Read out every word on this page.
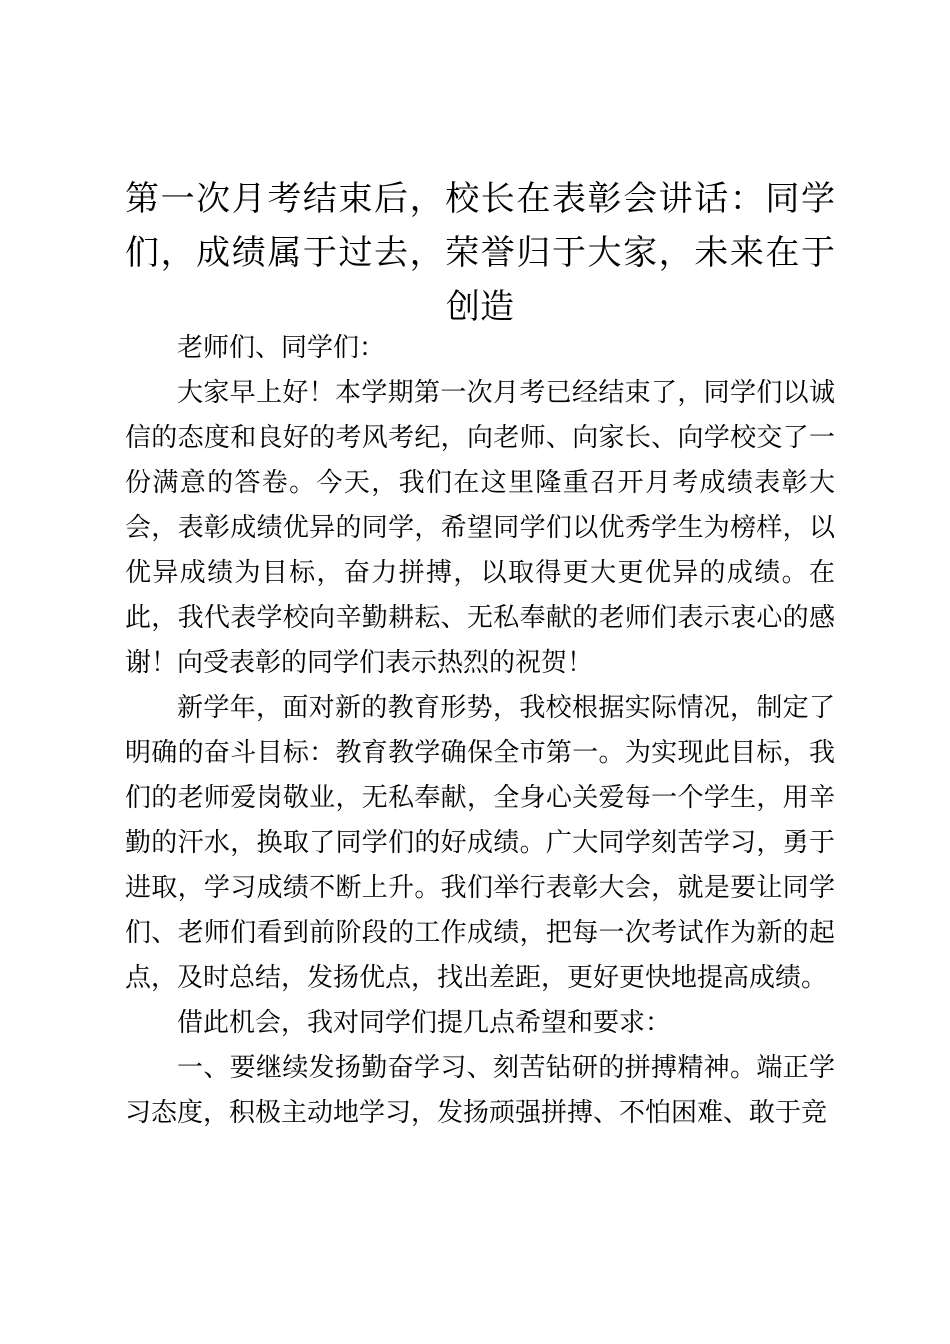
第一次月考结束后，校长在表彰会讲话：同学们，成绩属于过去，荣誉归于大家，未来在于创造

老师们、同学们：

大家早上好！本学期第一次月考已经结束了，同学们以诚信的态度和良好的考风考纪，向老师、向家长、向学校交了一份满意的答卷。今天，我们在这里隆重召开月考成绩表彰大会，表彰成绩优异的同学，希望同学们以优秀学生为榜样，以优异成绩为目标，奋力拼搏，以取得更大更优异的成绩。在此，我代表学校向辛勤耕耘、无私奉献的老师们表示衷心的感谢！向受表彰的同学们表示热烈的祝贺！

新学年，面对新的教育形势，我校根据实际情况，制定了明确的奋斗目标：教育教学确保全市第一。为实现此目标，我们的老师爱岗敬业，无私奉献，全身心关爱每一个学生，用辛勤的汗水，换取了同学们的好成绩。广大同学刻苦学习，勇于进取，学习成绩不断上升。我们举行表彰大会，就是要让同学们、老师们看到前阶段的工作成绩，把每一次考试作为新的起点，及时总结，发扬优点，找出差距，更好更快地提高成绩。

借此机会，我对同学们提几点希望和要求：

一、要继续发扬勤奋学习、刻苦钻研的拼搏精神。端正学习态度，积极主动地学习，发扬顽强拼搏、不怕困难、敢于竞
